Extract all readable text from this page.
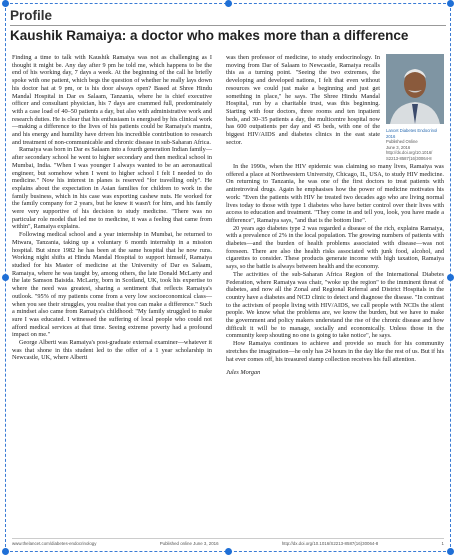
Profile
Kaushik Ramaiya: a doctor who makes more than a difference

Finding a time to talk with Kaushik Ramaiya was not as challenging as I thought it might be. Any day after 9 pm he told me, which happens to be the end of his working day, 7 days a week. At the beginning of the call he briefly spoke with one patient, which begs the question of whether he really lays down his doctor hat at 9 pm, or is his door always open? Based at Shree Hindu Mandal Hospital in Dar es Salaam, Tanzania, where he is chief executive officer and consultant physician, his 7 days are crammed full, predominately with a case load of 40–50 patients a day, but also with administrative work and research duties. He is clear that his enthusiasm is energised by his clinical work—making a difference to the lives of his patients could be Ramaiya's mantra, and his energy and humility have driven his incredible contribution to research and treatment of non-communicable and chronic disease in sub-Saharan Africa.

Ramaiya was born in Dar es Salaam into a fourth generation Indian family—after secondary school he went to higher secondary and then medical school in Mumbai, India. "When I was younger I always wanted to be an aeronautical engineer, but somehow when I went to higher school I felt I needed to do medicine." Now his interest in planes is reserved "for travelling only". He explains about the expectation in Asian families for children to work in the family business, which in his case was exporting cashew nuts. He worked for the family company for 2 years, but he knew it wasn't for him, and his family were very supportive of his decision to study medicine. "There was no particular role model that led me to medicine, it was a feeling that came from within", Ramaiya explains.

Following medical school and a year internship in Mumbai, he returned to Mtwara, Tanzania, taking up a voluntary 6 month internship in a mission hospital. But since 1982 he has been at the same hospital that he now runs. Working night shifts at Hindu Mandal Hospital to support himself, Ramaiya studied for his Master of medicine at the University of Dar es Salaam, Ramaiya, where he was taught by, among others, the late Donald McLarty and the late Samson Baisida. McLarty, born in Scotland, UK, took his expertise to where the need was greatest, sharing a sentiment that reflects Ramaiya's outlook. "95% of my patients come from a very low socioeconomical class—when you see their struggles, you realise that you can make a difference." Such a mindset also came from Ramaiya's childhood: "My family struggled to make sure I was educated. I witnessed the suffering of local people who could not afford medical services at that time. Seeing extreme poverty had a profound impact on me."

George Alberti was Ramaiya's post-graduate external examiner—whatever it was that shone in this student led to the offer of a 1 year scholarship in Newcastle, UK, where Alberti

was then professor of medicine, to study endocrinology. In moving from Dar of Salaam to Newcastle, Ramaiya recalls this as a turning point. "Seeing the two extremes, the developing and developed nations, I felt that even without resources we could just make a beginning and just get something in place," he says. The Shree Hindu Mandal Hospital, run by a charitable trust, was this beginning. Starting with four doctors, three rooms and ten inpatient beds, and 30–35 patients a day, the multicentre hospital now has 600 outpatients per day and 45 beds, with one of the biggest HIV/AIDS and diabetes clinics in the east state sector.

In the 1990s, when the HIV epidemic was claiming so many lives, Ramaiya was offered a place at Northwestern University, Chicago, IL, USA, to study HIV medicine. On returning to Tanzania, he was one of the first doctors to treat patients with antiretroviral drugs. Again he emphasises how the power of medicine motivates his work: "Even the patients with HIV he treated two decades ago who are living normal lives today to those with type 1 diabetes who have better control over their lives with access to education and treatment. "They come in and tell you, look, you have made a difference", Ramaiya says, "and that is the bottom line".

20 years ago diabetes type 2 was regarded a disease of the rich, explains Ramaiya, with a prevalence of 2% in the local population. The growing numbers of patients with diabetes—and the burden of health problems associated with disease—was not foreseen. There are also the health risks associated with junk food, alcohol, and cigarettes to consider. These products generate income with high taxation, Ramaiya says, so the battle is always between health and the economy.

The activities of the sub-Saharan Africa Region of the International Diabetes Federation, where Ramaiya was chair, "woke up the region" to the imminent threat of diabetes, and now all the Zonal and Regional Referral and District Hospitals in the country have a diabetes and NCD clinic to detect and diagnose the disease. "In contrast to the activism of people living with HIV/AIDS, we call people with NCDs the silent people. We know what the problems are, we know the burden, but we have to make the government and policy makers understand the rise of the chronic disease and how difficult it will be to manage, socially and economically. Unless those in the community keep shouting no one is going to take notice", he says.

How Ramaiya continues to achieve and provide so much for his community stretches the imagination—he only has 24 hours in the day like the rest of us. But if his hat ever comes off, his treasured stamp collection receives his full attention.

Jules Morgan
Lancet Diabetes Endocrinol 2016
Published Online
June 3, 2016
http://dx.doi.org/10.1016/
S2213-8587(16)30064-8
www.thelancet.com/diabetes-endocrinology	Published online June 3, 2016	http://dx.doi.org/10.1016/S2213-8587(16)30064-8	1
